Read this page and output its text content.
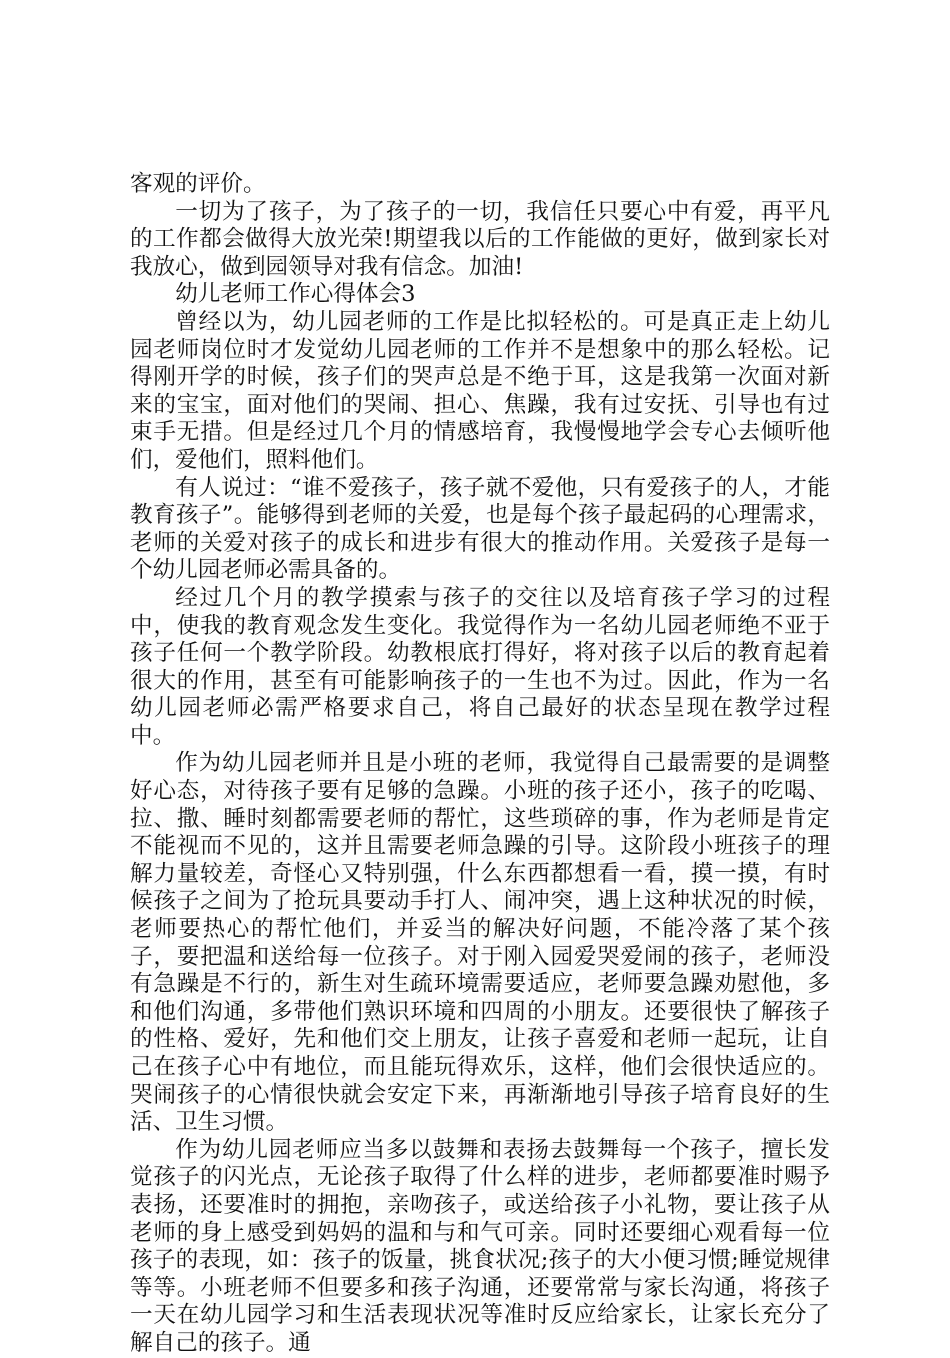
客观的评价。

一切为了孩子，为了孩子的一切，我信任只要心中有爱，再平凡的工作都会做得大放光荣!期望我以后的工作能做的更好，做到家长对我放心，做到园领导对我有信念。加油!

幼儿老师工作心得体会3

曾经以为，幼儿园老师的工作是比拟轻松的。可是真正走上幼儿园老师岗位时才发觉幼儿园老师的工作并不是想象中的那么轻松。记得刚开学的时候，孩子们的哭声总是不绝于耳，这是我第一次面对新来的宝宝，面对他们的哭闹、担心、焦躁，我有过安抚、引导也有过束手无措。但是经过几个月的情感培育，我慢慢地学会专心去倾听他们，爱他们，照料他们。

有人说过：“谁不爱孩子，孩子就不爱他，只有爱孩子的人，才能教育孩子”。能够得到老师的关爱，也是每个孩子最起码的心理需求，老师的关爱对孩子的成长和进步有很大的推动作用。关爱孩子是每一个幼儿园老师必需具备的。

经过几个月的教学摸索与孩子的交往以及培育孩子学习的过程中，使我的教育观念发生变化。我觉得作为一名幼儿园老师绝不亚于孩子任何一个教学阶段。幼教根底打得好，将对孩子以后的教育起着很大的作用，甚至有可能影响孩子的一生也不为过。因此，作为一名幼儿园老师必需严格要求自己，将自己最好的状态呈现在教学过程中。

作为幼儿园老师并且是小班的老师，我觉得自己最需要的是调整好心态，对待孩子要有足够的急躁。小班的孩子还小，孩子的吃喝、拉、撒、睡时刻都需要老师的帮忙，这些琐碎的事，作为老师是肯定不能视而不见的，这并且需要老师急躁的引导。这阶段小班孩子的理解力量较差，奇怪心又特别强，什么东西都想看一看，摸一摸，有时候孩子之间为了抢玩具要动手打人、闹冲突，遇上这种状况的时候，老师要热心的帮忙他们，并妥当的解决好问题，不能冷落了某个孩子，要把温和送给每一位孩子。对于刚入园爱哭爱闹的孩子，老师没有急躁是不行的，新生对生疏环境需要适应，老师要急躁劝慰他，多和他们沟通，多带他们熟识环境和四周的小朋友。还要很快了解孩子的性格、爱好，先和他们交上朋友，让孩子喜爱和老师一起玩，让自己在孩子心中有地位，而且能玩得欢乐，这样，他们会很快适应的。哭闹孩子的心情很快就会安定下来，再渐渐地引导孩子培育良好的生活、卫生习惯。

作为幼儿园老师应当多以鼓舞和表扬去鼓舞每一个孩子，擅长发觉孩子的闪光点，无论孩子取得了什么样的进步，老师都要准时赐予表扬，还要准时的拥抱，亲吻孩子，或送给孩子小礼物，要让孩子从老师的身上感受到妈妈的温和与和气可亲。同时还要细心观看每一位孩子的表现，如：孩子的饭量，挑食状况;孩子的大小便习惯;睡觉规律等等。小班老师不但要多和孩子沟通，还要常常与家长沟通，将孩子一天在幼儿园学习和生活表现状况等准时反应给家长，让家长充分了解自己的孩子。通
